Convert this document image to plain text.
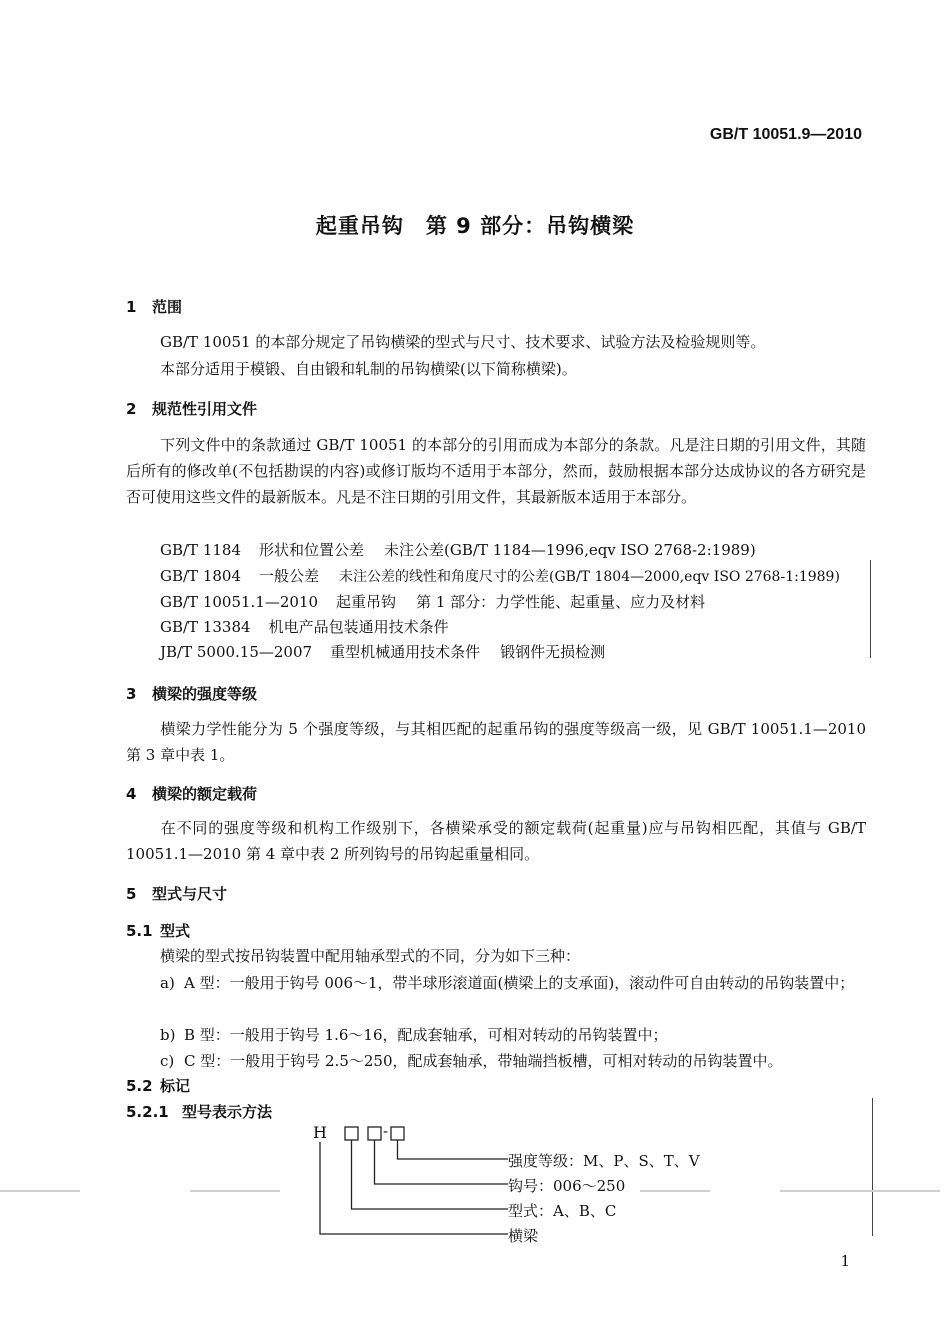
GB/T 10051.9—2010
起重吊钩　第 9 部分：吊钩横梁
1 范围
GB/T 10051 的本部分规定了吊钩横梁的型式与尺寸、技术要求、试验方法及检验规则等。
本部分适用于模锻、自由锻和轧制的吊钩横梁(以下简称横梁)。
2 规范性引用文件
下列文件中的条款通过 GB/T 10051 的本部分的引用而成为本部分的条款。凡是注日期的引用文件，其随后所有的修改单(不包括勘误的内容)或修订版均不适用于本部分，然而，鼓励根据本部分达成协议的各方研究是否可使用这些文件的最新版本。凡是不注日期的引用文件，其最新版本适用于本部分。
GB/T 1184 形状和位置公差 未注公差(GB/T 1184—1996,eqv ISO 2768-2:1989)
GB/T 1804 一般公差 未注公差的线性和角度尺寸的公差(GB/T 1804—2000,eqv ISO 2768-1:1989)
GB/T 10051.1—2010 起重吊钩 第 1 部分：力学性能、起重量、应力及材料
GB/T 13384 机电产品包装通用技术条件
JB/T 5000.15—2007 重型机械通用技术条件 锻钢件无损检测
3 横梁的强度等级
横梁力学性能分为 5 个强度等级，与其相匹配的起重吊钩的强度等级高一级，见 GB/T 10051.1—2010 第 3 章中表 1。
4 横梁的额定载荷
在不同的强度等级和机构工作级别下，各横梁承受的额定载荷(起重量)应与吊钩相匹配，其值与 GB/T 10051.1—2010 第 4 章中表 2 所列钩号的吊钩起重量相同。
5 型式与尺寸
5.1 型式
横梁的型式按吊钩装置中配用轴承型式的不同，分为如下三种：
a) A 型：一般用于钩号 006～1，带半球形滚道面(横梁上的支承面)，滚动件可自由转动的吊钩装置中；
b) B 型：一般用于钩号 1.6～16，配成套轴承，可相对转动的吊钩装置中；
c) C 型：一般用于钩号 2.5～250，配成套轴承，带轴端挡板槽，可相对转动的吊钩装置中。
5.2 标记
5.2.1 型号表示方法
H	-
强度等级：M、P、S、T、V
钩号：006～250
型式：A、B、C
横梁
1
